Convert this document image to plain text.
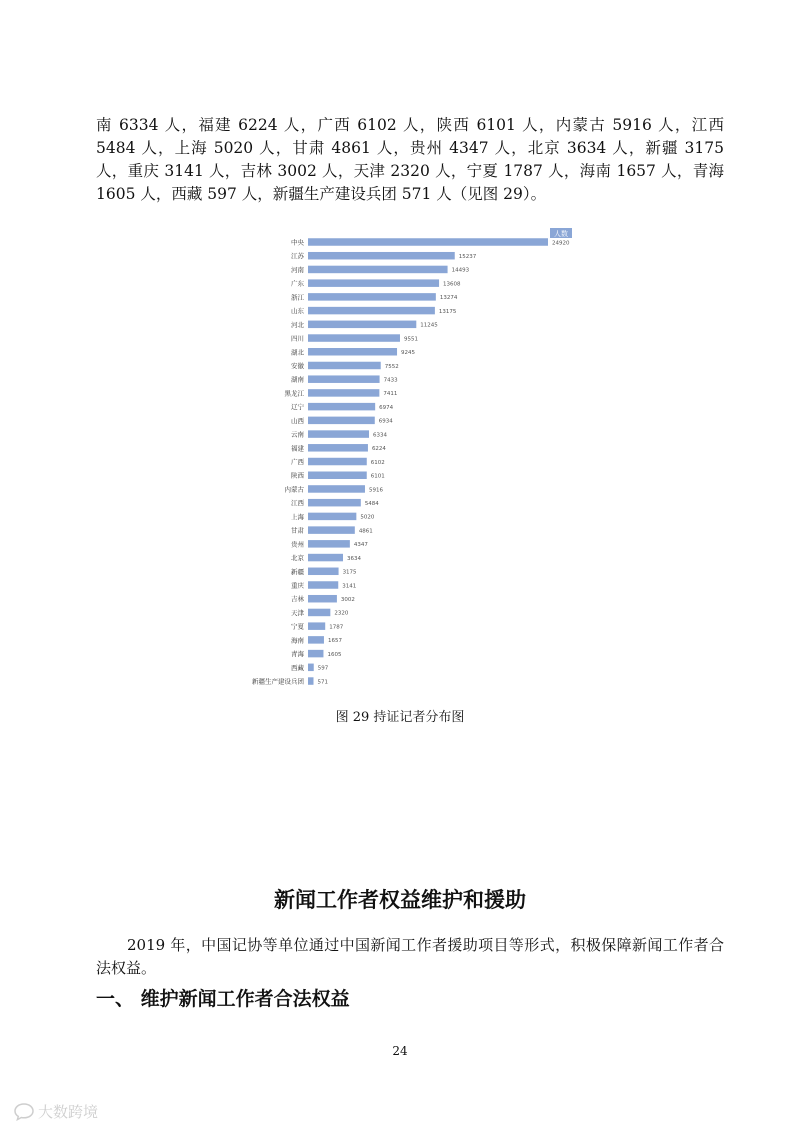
南 6334 人，福建 6224 人，广西 6102 人，陕西 6101 人，内蒙古 5916 人，江西 5484 人，上海 5020 人，甘肃 4861 人，贵州 4347 人，北京 3634 人，新疆 3175 人，重庆 3141 人，吉林 3002 人，天津 2320 人，宁夏 1787 人，海南 1657 人，青海 1605 人，西藏 597 人，新疆生产建设兵团 571 人（见图 29）。

人数
中央	24920
江苏	15237
河南	14493
广东	13608
浙江	13274
山东	13175
河北	11245
四川	9551
湖北	9245
安徽	7552
湖南	7433
黑龙江	7411
辽宁	6974
山西	6934
云南	6334
福建	6224
广西	6102
陕西	6101
内蒙古	5916
江西	5484
上海	5020
甘肃	4861
贵州	4347
北京	3634
新疆	3175
重庆	3141
吉林	3002
天津	2320
宁夏	1787
海南	1657
青海	1605
西藏 597
新疆生产建设兵团 571
图 29 持证记者分布图
新闻工作者权益维护和援助

2019 年，中国记协等单位通过中国新闻工作者援助项目等形式，积极保障新闻工作者合法权益。

一、 维护新闻工作者合法权益
24
大数跨境
